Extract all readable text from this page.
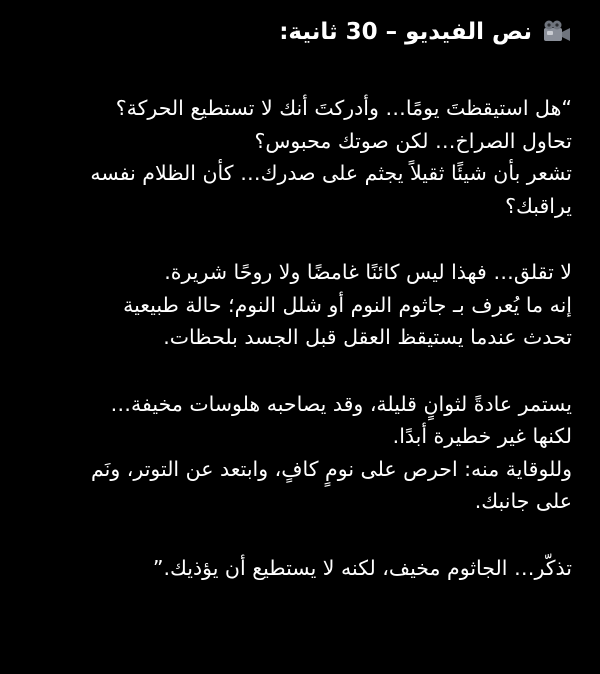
نص الفيديو – 30 ثانية:
“هل استيقظتَ يومًا… وأدركتَ أنك لا تستطيع الحركة؟
تحاول الصراخ… لكن صوتك محبوس؟
تشعر بأن شيئًا ثقيلاً يجثم على صدرك… كأن الظلام نفسه
يراقبك؟
لا تقلق… فهذا ليس كائنًا غامضًا ولا روحًا شريرة.
إنه ما يُعرف بـ جاثوم النوم أو شلل النوم؛ حالة طبيعية
تحدث عندما يستيقظ العقل قبل الجسد بلحظات.
يستمر عادةً لثوانٍ قليلة، وقد يصاحبه هلوسات مخيفة…
لكنها غير خطيرة أبدًا.
وللوقاية منه: احرص على نومٍ كافٍ، وابتعد عن التوتر، ونَم
على جانبك.
تذكّر… الجاثوم مخيف، لكنه لا يستطيع أن يؤذيك.”
